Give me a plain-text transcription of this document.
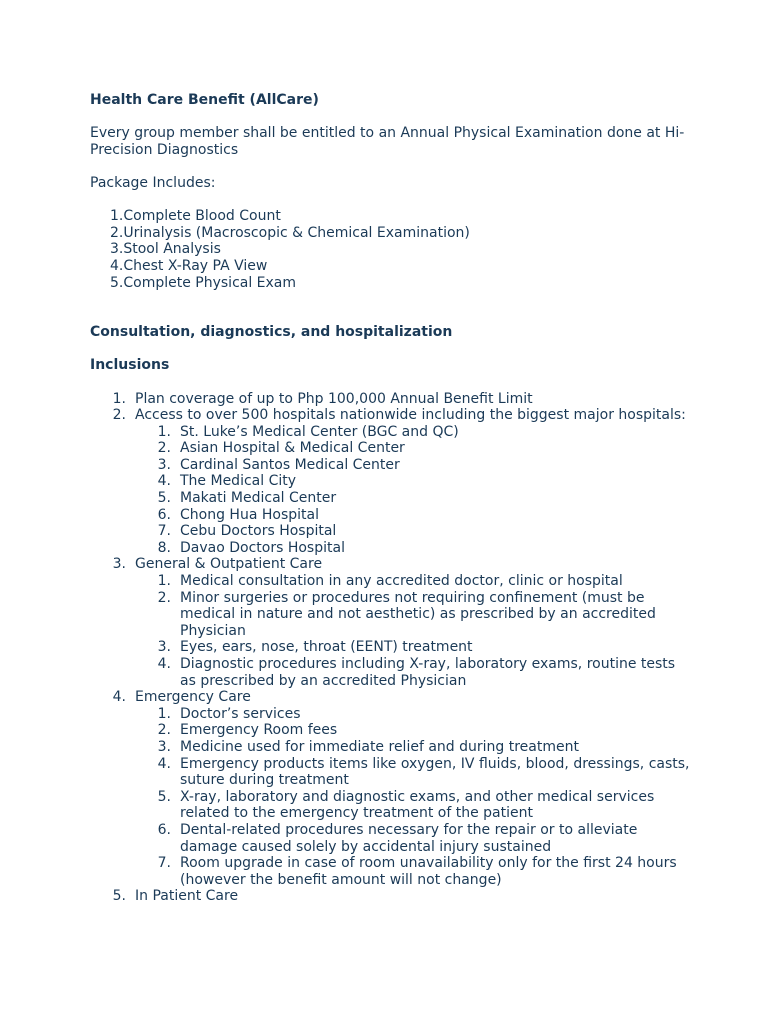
Health Care Benefit (AllCare)

Every group member shall be entitled to an Annual Physical Examination done at Hi-Precision Diagnostics

Package Includes:

1.Complete Blood Count
2.Urinalysis (Macroscopic & Chemical Examination)
3.Stool Analysis
4.Chest X-Ray PA View
5.Complete Physical Exam

Consultation, diagnostics, and hospitalization

Inclusions

1. Plan coverage of up to Php 100,000 Annual Benefit Limit
2. Access to over 500 hospitals nationwide including the biggest major hospitals:
1. St. Luke’s Medical Center (BGC and QC)
2. Asian Hospital & Medical Center
3. Cardinal Santos Medical Center
4. The Medical City
5. Makati Medical Center
6. Chong Hua Hospital
7. Cebu Doctors Hospital
8. Davao Doctors Hospital
3. General & Outpatient Care
1. Medical consultation in any accredited doctor, clinic or hospital
2. Minor surgeries or procedures not requiring confinement (must be medical in nature and not aesthetic) as prescribed by an accredited Physician
3. Eyes, ears, nose, throat (EENT) treatment
4. Diagnostic procedures including X-ray, laboratory exams, routine tests as prescribed by an accredited Physician
4. Emergency Care
1. Doctor’s services
2. Emergency Room fees
3. Medicine used for immediate relief and during treatment
4. Emergency products items like oxygen, IV fluids, blood, dressings, casts, suture during treatment
5. X-ray, laboratory and diagnostic exams, and other medical services related to the emergency treatment of the patient
6. Dental-related procedures necessary for the repair or to alleviate damage caused solely by accidental injury sustained
7. Room upgrade in case of room unavailability only for the first 24 hours (however the benefit amount will not change)
5. In Patient Care
